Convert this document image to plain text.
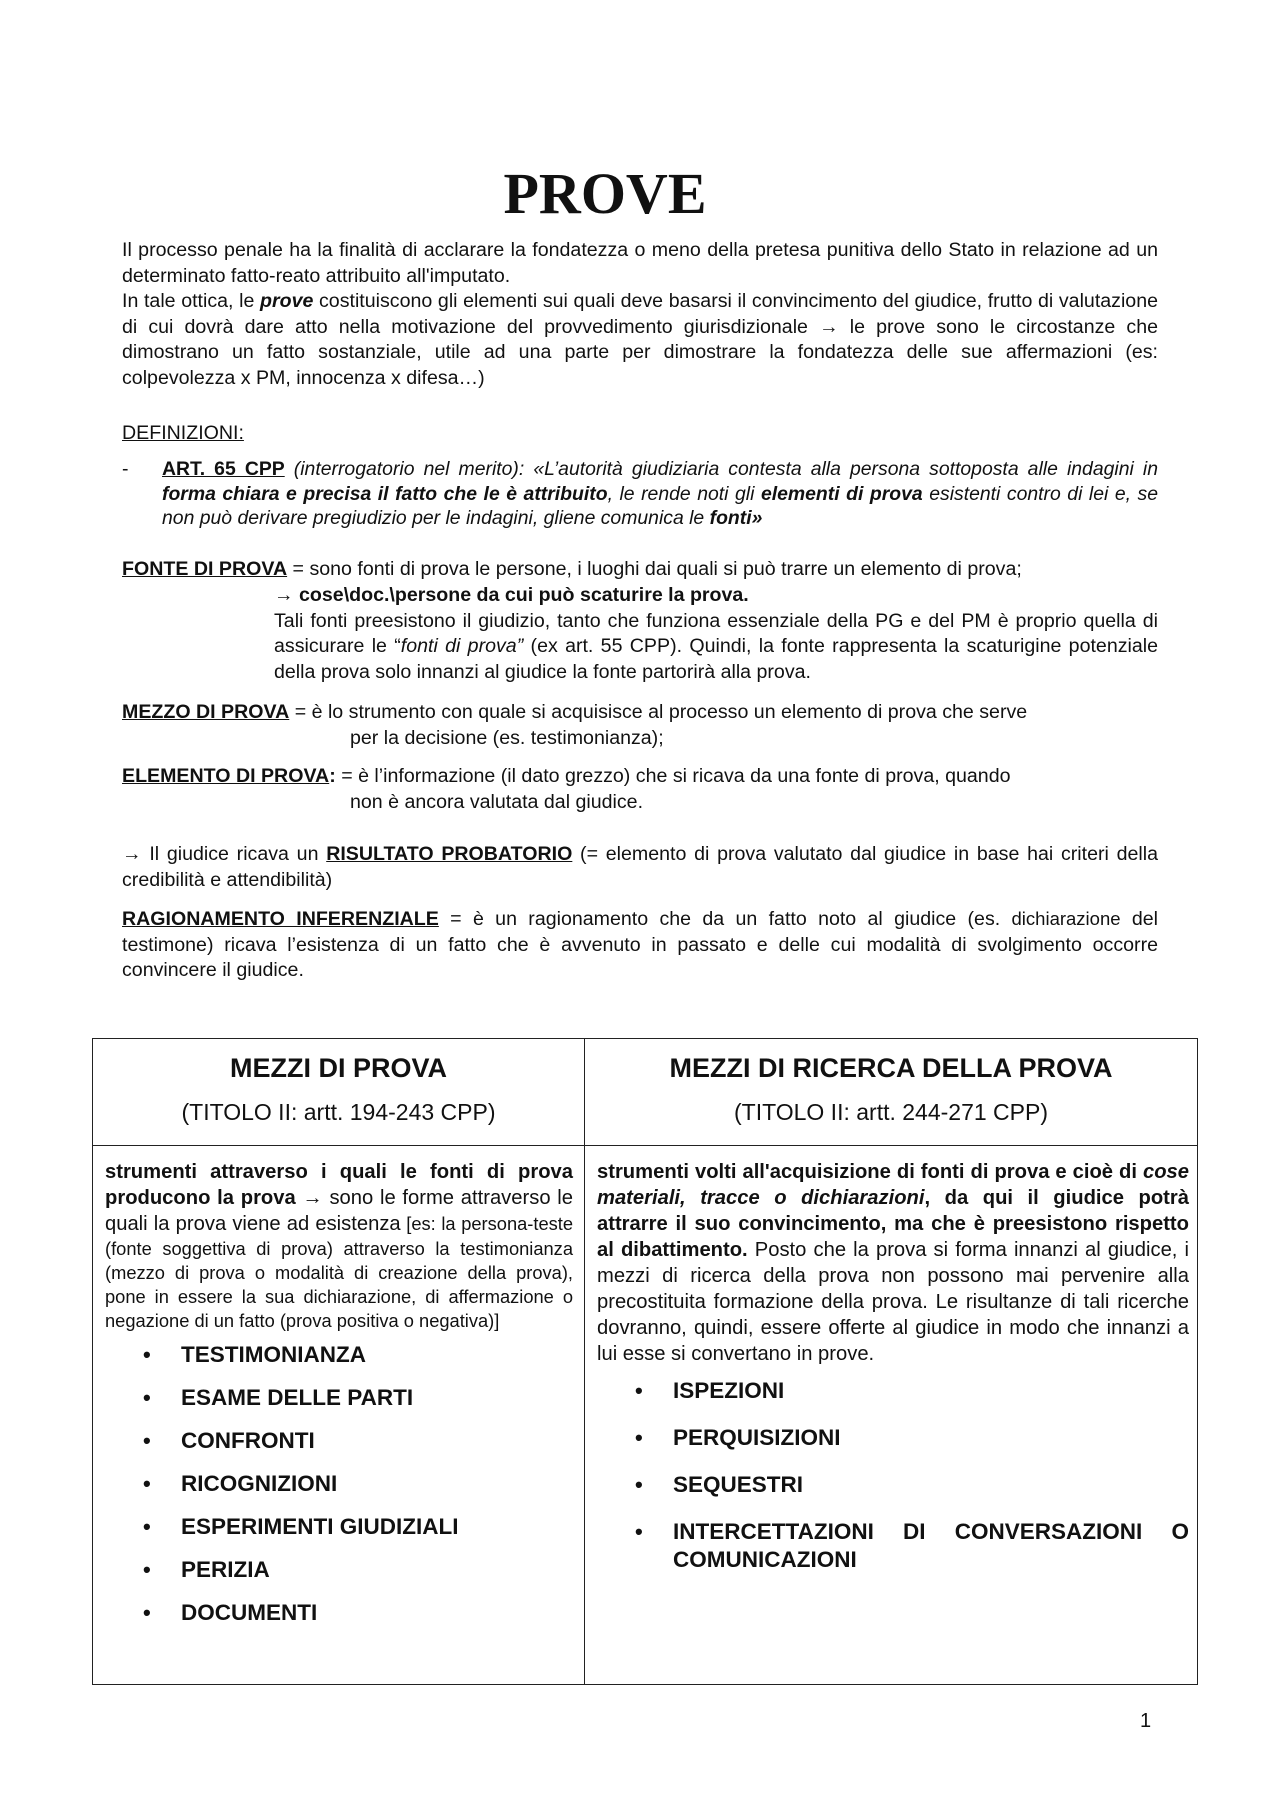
PROVE
Il processo penale ha la finalità di acclarare la fondatezza o meno della pretesa punitiva dello Stato in relazione ad un determinato fatto-reato attribuito all'imputato.
In tale ottica, le prove costituiscono gli elementi sui quali deve basarsi il convincimento del giudice, frutto di valutazione di cui dovrà dare atto nella motivazione del provvedimento giurisdizionale → le prove sono le circostanze che dimostrano un fatto sostanziale, utile ad una parte per dimostrare la fondatezza delle sue affermazioni (es: colpevolezza x PM, innocenza x difesa…)
DEFINIZIONI:
- ART. 65 CPP (interrogatorio nel merito): «L’autorità giudiziaria contesta alla persona sottoposta alle indagini in forma chiara e precisa il fatto che le è attribuito, le rende noti gli elementi di prova esistenti contro di lei e, se non può derivare pregiudizio per le indagini, gliene comunica le fonti»
FONTE DI PROVA = sono fonti di prova le persone, i luoghi dai quali si può trarre un elemento di prova;
→ cose\doc.\persone da cui può scaturire la prova.

Tali fonti preesistono il giudizio, tanto che funziona essenziale della PG e del PM è proprio quella di assicurare le “fonti di prova” (ex art. 55 CPP). Quindi, la fonte rappresenta la scaturigine potenziale della prova solo innanzi al giudice la fonte partorirà alla prova.
MEZZO DI PROVA = è lo strumento con quale si acquisisce al processo un elemento di prova che serve
per la decisione (es. testimonianza);
ELEMENTO DI PROVA: = è l’informazione (il dato grezzo) che si ricava da una fonte di prova, quando
non è ancora valutata dal giudice.
→ Il giudice ricava un RISULTATO PROBATORIO (= elemento di prova valutato dal giudice in base hai criteri della credibilità e attendibilità)
RAGIONAMENTO INFERENZIALE = è un ragionamento che da un fatto noto al giudice (es. dichiarazione del testimone) ricava l’esistenza di un fatto che è avvenuto in passato e delle cui modalità di svolgimento occorre convincere il giudice.
MEZZI DI PROVA
(TITOLO II: artt. 194-243 CPP)
MEZZI DI RICERCA DELLA PROVA
(TITOLO II: artt. 244-271 CPP)
strumenti attraverso i quali le fonti di prova producono la prova → sono le forme attraverso le quali la prova viene ad esistenza [es: la persona-teste (fonte soggettiva di prova) attraverso la testimonianza (mezzo di prova o modalità di creazione della prova), pone in essere la sua dichiarazione, di affermazione o negazione di un fatto (prova positiva o negativa)]
• TESTIMONIANZA
• ESAME DELLE PARTI
• CONFRONTI
• RICOGNIZIONI
• ESPERIMENTI GIUDIZIALI
• PERIZIA
• DOCUMENTI
strumenti volti all'acquisizione di fonti di prova e cioè di cose materiali, tracce o dichiarazioni, da qui il giudice potrà attrarre il suo convincimento, ma che è preesistono rispetto al dibattimento. Posto che la prova si forma innanzi al giudice, i mezzi di ricerca della prova non possono mai pervenire alla precostituita formazione della prova. Le risultanze di tali ricerche dovranno, quindi, essere offerte al giudice in modo che innanzi a lui esse si convertano in prove.
• ISPEZIONI
• PERQUISIZIONI
• SEQUESTRI
• INTERCETTAZIONI DI CONVERSAZIONI O COMUNICAZIONI
1
